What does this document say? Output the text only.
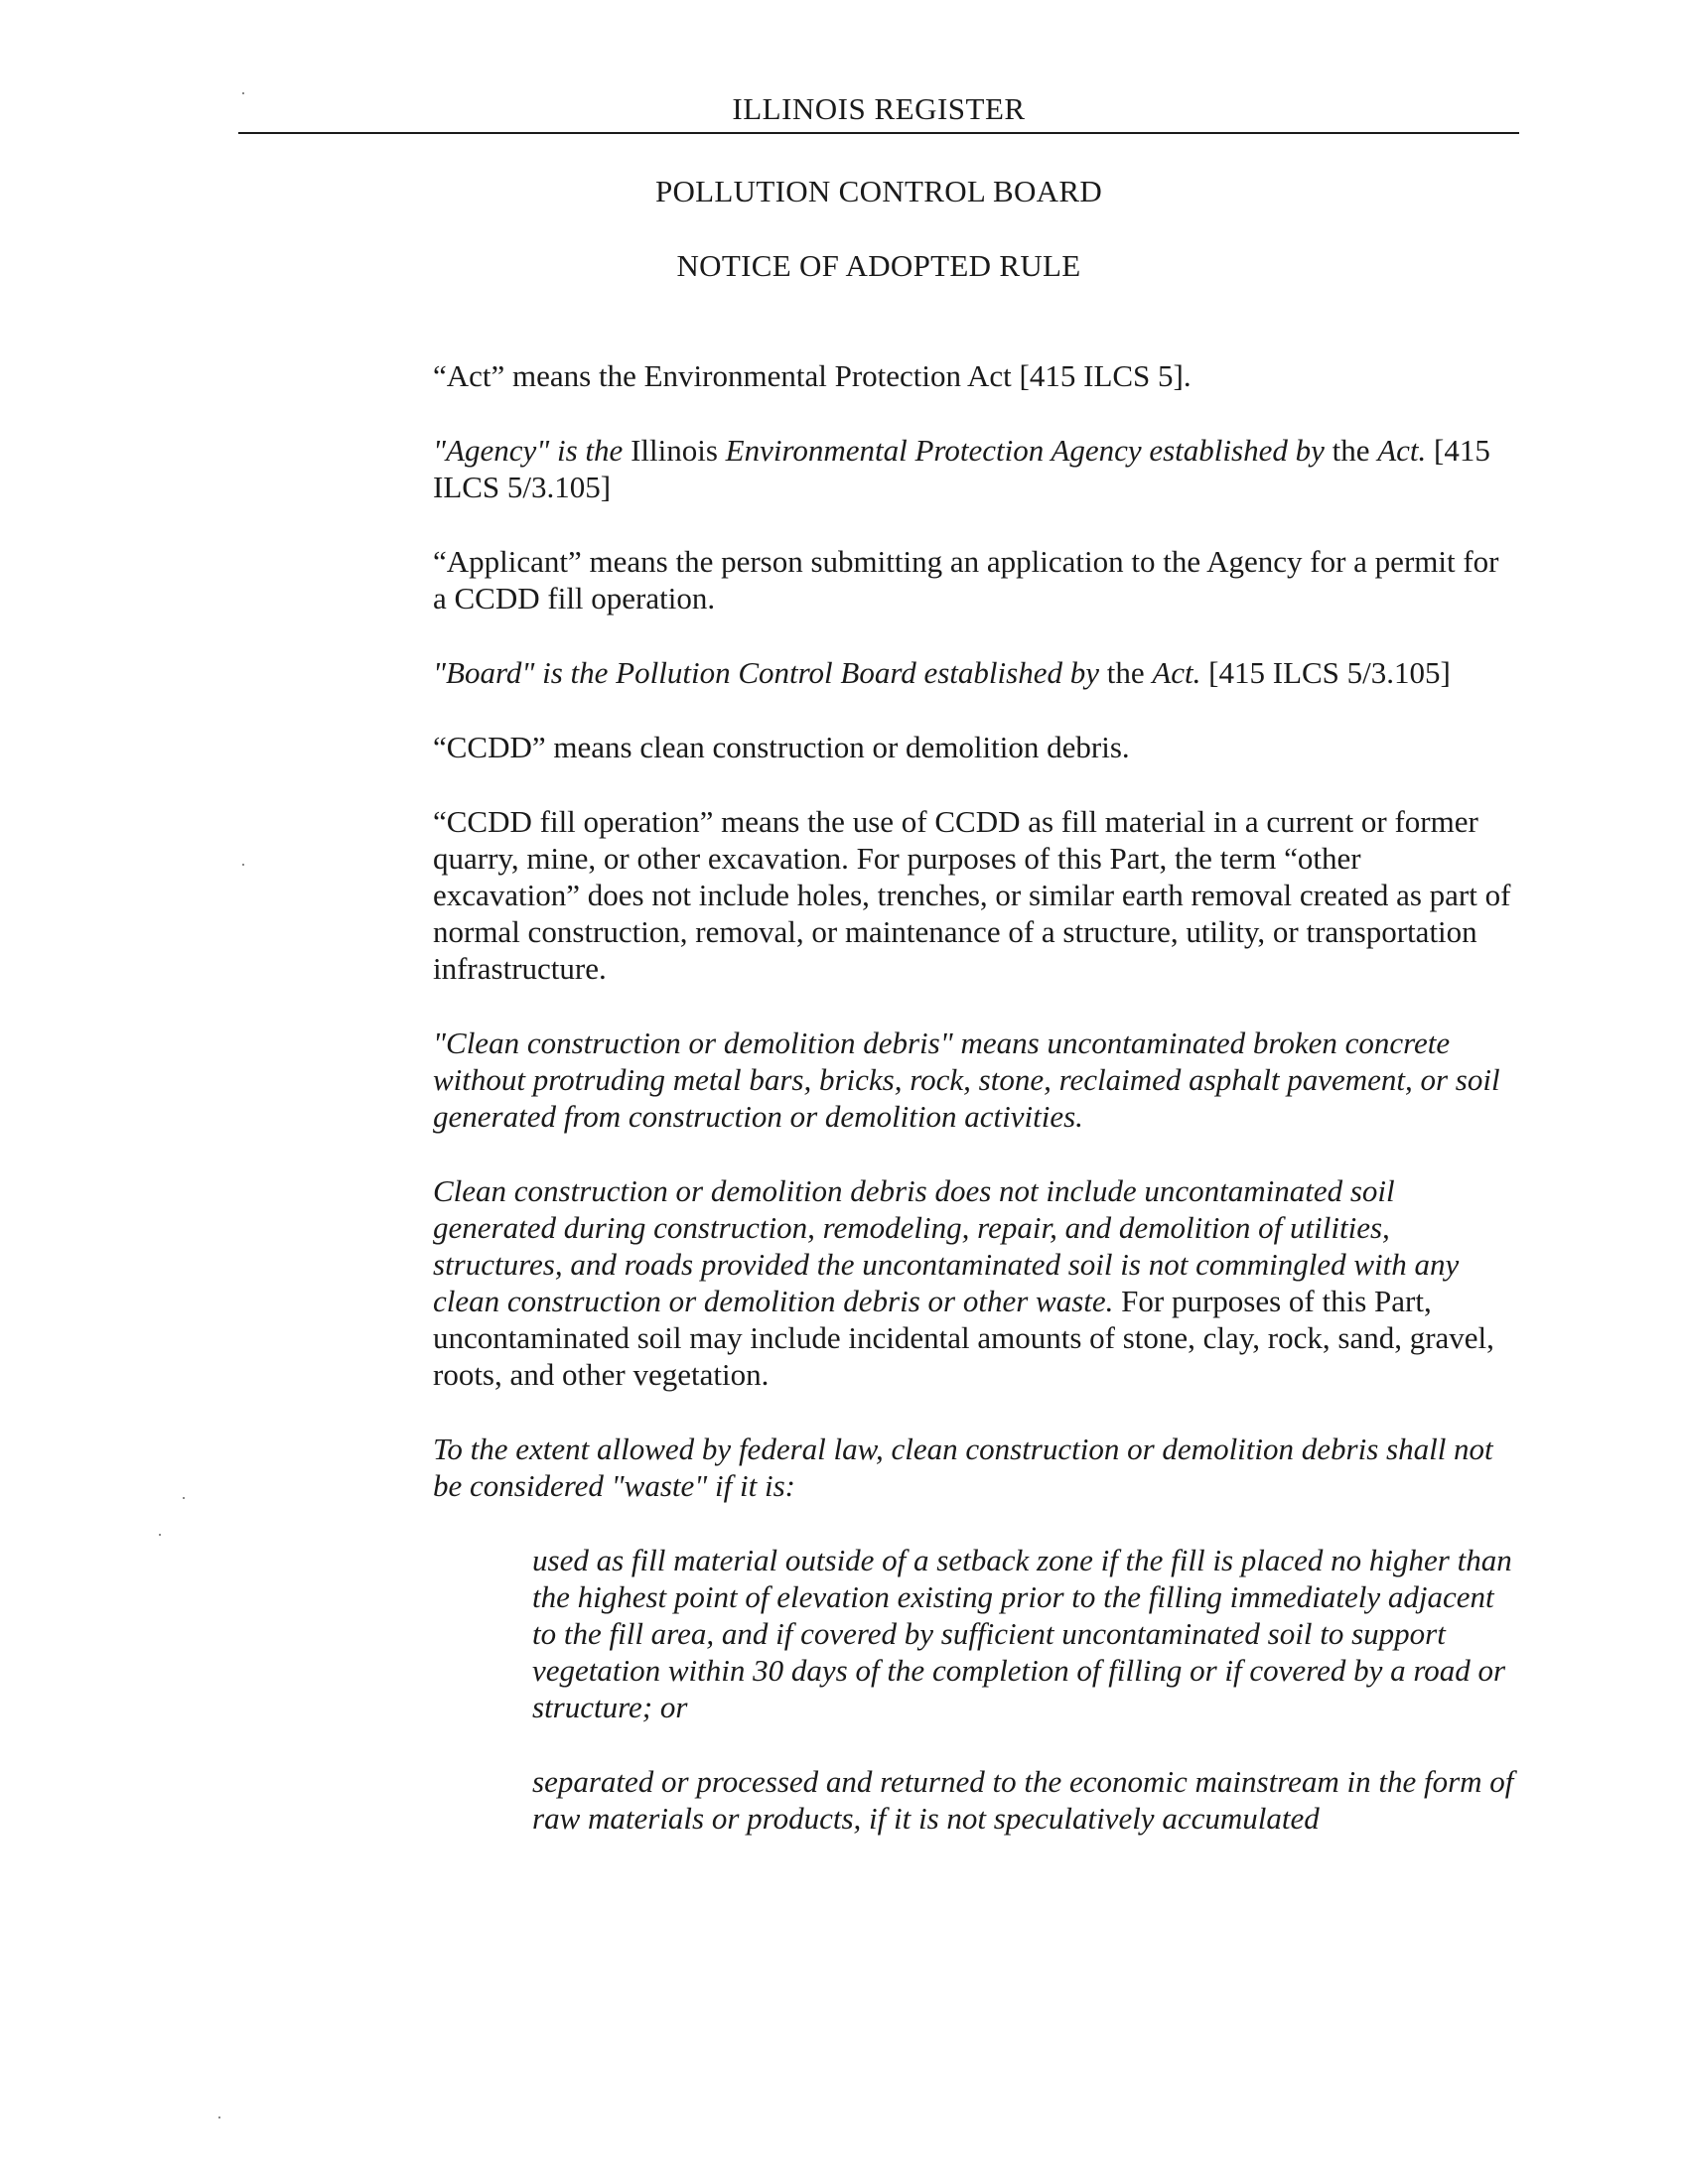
ILLINOIS REGISTER
POLLUTION CONTROL BOARD
NOTICE OF ADOPTED RULE

“Act” means the Environmental Protection Act [415 ILCS 5].

"Agency" is the Illinois Environmental Protection Agency established by the Act. [415 ILCS 5/3.105]

“Applicant” means the person submitting an application to the Agency for a permit for a CCDD fill operation.

"Board" is the Pollution Control Board established by the Act. [415 ILCS 5/3.105]

“CCDD” means clean construction or demolition debris.

“CCDD fill operation” means the use of CCDD as fill material in a current or former quarry, mine, or other excavation. For purposes of this Part, the term “other excavation” does not include holes, trenches, or similar earth removal created as part of normal construction, removal, or maintenance of a structure, utility, or transportation infrastructure.

"Clean construction or demolition debris" means uncontaminated broken concrete without protruding metal bars, bricks, rock, stone, reclaimed asphalt pavement, or soil generated from construction or demolition activities.

Clean construction or demolition debris does not include uncontaminated soil generated during construction, remodeling, repair, and demolition of utilities, structures, and roads provided the uncontaminated soil is not commingled with any clean construction or demolition debris or other waste. For purposes of this Part, uncontaminated soil may include incidental amounts of stone, clay, rock, sand, gravel, roots, and other vegetation.

To the extent allowed by federal law, clean construction or demolition debris shall not be considered "waste" if it is:

used as fill material outside of a setback zone if the fill is placed no higher than the highest point of elevation existing prior to the filling immediately adjacent to the fill area, and if covered by sufficient uncontaminated soil to support vegetation within 30 days of the completion of filling or if covered by a road or structure; or

separated or processed and returned to the economic mainstream in the form of raw materials or products, if it is not speculatively accumulated
